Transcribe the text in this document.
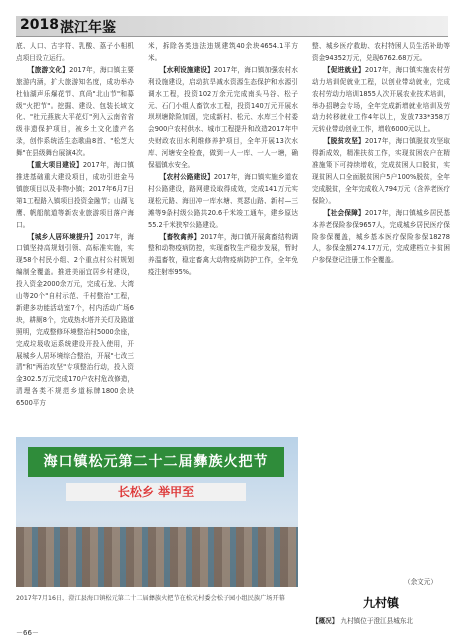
2018 湛江年鉴

底、人口、古字符、乳酸、荔子小相机点项目设立运行。

【旅游文化】2017年，海口镇主要旅游内涵，扩大旅游知名度，成功举办杜仙湖声乐爆花节、真尚"北山节"和募级"火把节"。挖掘、建设、包装长域文化、"杜元燕族大平花灯"列入云南省省级非遗保护项目，被乡土文化遗产名录，创作系统活生态歌曲8首、"松芝大舞"在县级舞台展演4次。

【重大项目建设】2017年，海口镇推进基础重大建设项目，成功引进金马镇旅项目以及非物小镇；2017年6月7日第1工程路入镇项目投资金融节；山湖飞鹰、帆船航道等新农业旅游项目落户海口。

【城乡人居环境提升】2017年，海口镇坚持高规划引领、高标准实施，实现58个村民小组、2个重点村公村规划编制全覆盖。推进美丽宜居乡村建设，投入资金2000余万元，完成石龙、大湾山等20个"自村示范、千村整治"工程，新建多功能活动室7个，村内活动广场6块，耕厕8个，完成热水塔并关灯及路道照明，完成整修环境整治村5000余座，完成垃圾收运系统建设开投入使用，开展城乡人居环境综合整治，开展"七改三清"和"两治攻坚"专项整治行动，投入资金302.5万元完成170户农村危改修造，清理各类不规范乡道标牌1800余块6500平方

米，拆除各类违法违规建筑40余块4654.1平方米。

【水利设施建设】2017年，海口镇加强农村水利设施建设，启动抗旱减水资源生态保护和水源引调水工程，投资102万余元完成南头马谷、松子元、石门小组人畜饮水工程，投资140万元开展水坝坝塘除险加固，完成新村、松元、水库三个村委会900户农村供水、城市工程提升和改造2017年中央财政农田水利维修养护项目，全年开展13次水库、河塘安全检查，做到一人一库、一人一塘，确保福镇水安全。

【农村公路建设】2017年，海口镇实施乡道农村公路建设，路网建设取得成效，完成141万元实现松元路、海田冲一库水塘、英瑟山路、新村—三滩等9条村级公路共20.6千米竣工通车，建乡原达55.2千米狭窄公路建设。

【畜牧禽养】2017年，海口镇开展禽畜结构调整和动物疫病防控，实现畜牧生产稳步发展，暂时养温畜牧，稳定畜禽大动物疫病防护工作，全年免疫注射率95%。

整、城乡医疗救助、农村特困人员生活补助等资金94352万元，兑现6762.68万元。

【促进就业】2017年，海口镇实施农村劳动力培训促就业工程，以创业带动就业，完成农村劳动力培训1855人次开展农业技术培训，举办招聘会专场，全年完成新增就业培训及劳动力转移就业工作4年以上，发放733*358万元转业带动创业工作，增收6000元以上。

【脱贫攻坚】2017年，海口镇脱贫攻坚取得新成效，精准扶贫工作，实现贫困农户在精准施策下可持续增收，完成贫困人口脱贫，实现贫困人口全面脱贫困户5户100%脱贫，全年完成脱贫，全年完成收入794万元（含养老医疗保险）。

【社会保障】2017年，海口镇城乡居民基本养老保险参保9657人，完成城乡居民医疗保险参保覆盖，城乡基本医疗保险参保18278人，参保金额274.17万元，完成建档立卡贫困户参保登记注册工作全覆盖。

海口镇松元第二十二届彝族火把节
长松乡 举甲至
2017年7月16日，澄江县海口镇松元第二十二届彝族火把节在松元村委会松子园小组民族广场开幕
（余文元）
九村镇
【概况】 九村镇位于澄江县城东北
－66－
